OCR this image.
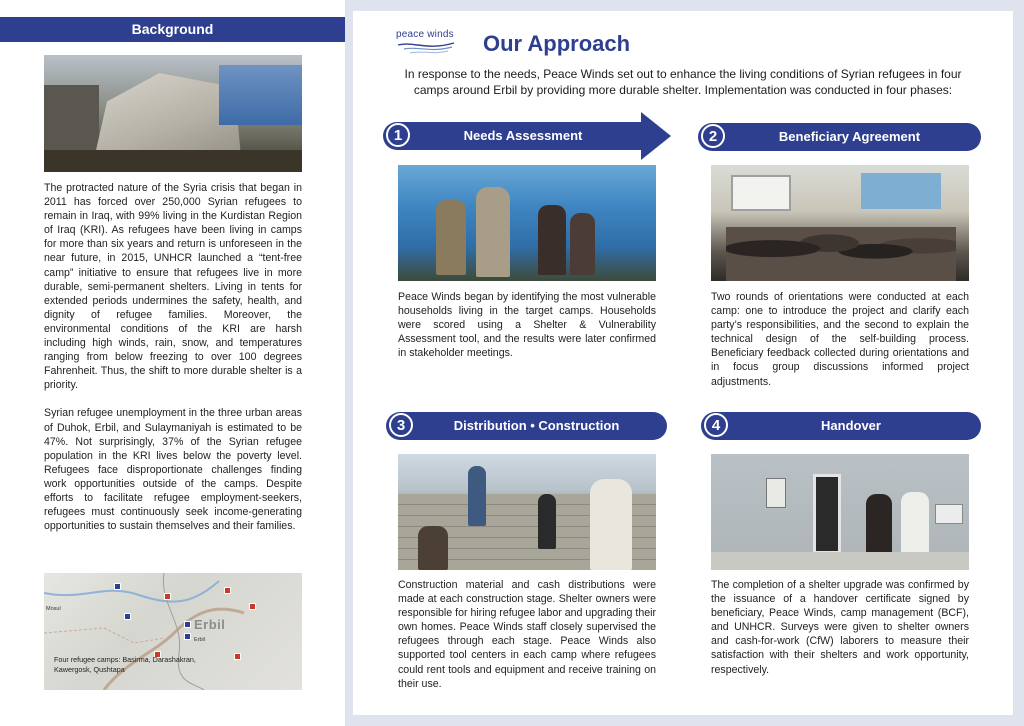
Background

The protracted nature of the Syria crisis that began in 2011 has forced over 250,000 Syrian refugees to remain in Iraq, with 99% living in the Kurdistan Region of Iraq (KRI). As refugees have been living in camps for more than six years and return is unforeseen in the near future, in 2015, UNHCR launched a “tent-free camp” initiative to ensure that refugees live in more durable, semi-permanent shelters. Living in tents for extended periods undermines the safety, health, and dignity of refugee families. Moreover, the environmental conditions of the KRI are harsh including high winds, rain, snow, and temperatures ranging from below freezing to over 100 degrees Fahrenheit. Thus, the shift to more durable shelter is a priority.

Syrian refugee unemployment in the three urban areas of Duhok, Erbil, and Sulaymaniyah is estimated to be 47%. Not surprisingly, 37% of the Syrian refugee population in the KRI lives below the poverty level. Refugees face disproportionate challenges finding work opportunities outside of the camps. Despite efforts to facilitate refugee employment-seekers, refugees must continuously seek income-generating opportunities to sustain themselves and their families.

Mosul
Erbil
Erbil
Four refugee camps: Basirma, Darashakran, Kawergosk, Qushtapa
peace winds Our Approach
In response to the needs, Peace Winds set out to enhance the living conditions of Syrian refugees in four camps around Erbil by providing more durable shelter. Implementation was conducted in four phases:
1	Needs Assessment	2	Beneficiary Agreement
Peace Winds began by identifying the most vulnerable households living in the target camps. Households were scored using a Shelter & Vulnerability Assessment tool, and the results were later confirmed in stakeholder meetings.
Two rounds of orientations were conducted at each camp: one to introduce the project and clarify each party’s responsibilities, and the second to explain the technical design of the self-building process. Beneficiary feedback collected during orientations and in focus group discussions informed project adjustments.
3	Distribution • Construction	4	Handover
Construction material and cash distributions were made at each construction stage. Shelter owners were responsible for hiring refugee labor and upgrading their own homes. Peace Winds staff closely supervised the refugees through each stage. Peace Winds also supported tool centers in each camp where refugees could rent tools and equipment and receive training on their use.
The completion of a shelter upgrade was confirmed by the issuance of a handover certificate signed by beneficiary, Peace Winds, camp management (BCF), and UNHCR. Surveys were given to shelter owners and cash-for-work (CfW) laborers to measure their satisfaction with their shelters and work opportunity, respectively.
